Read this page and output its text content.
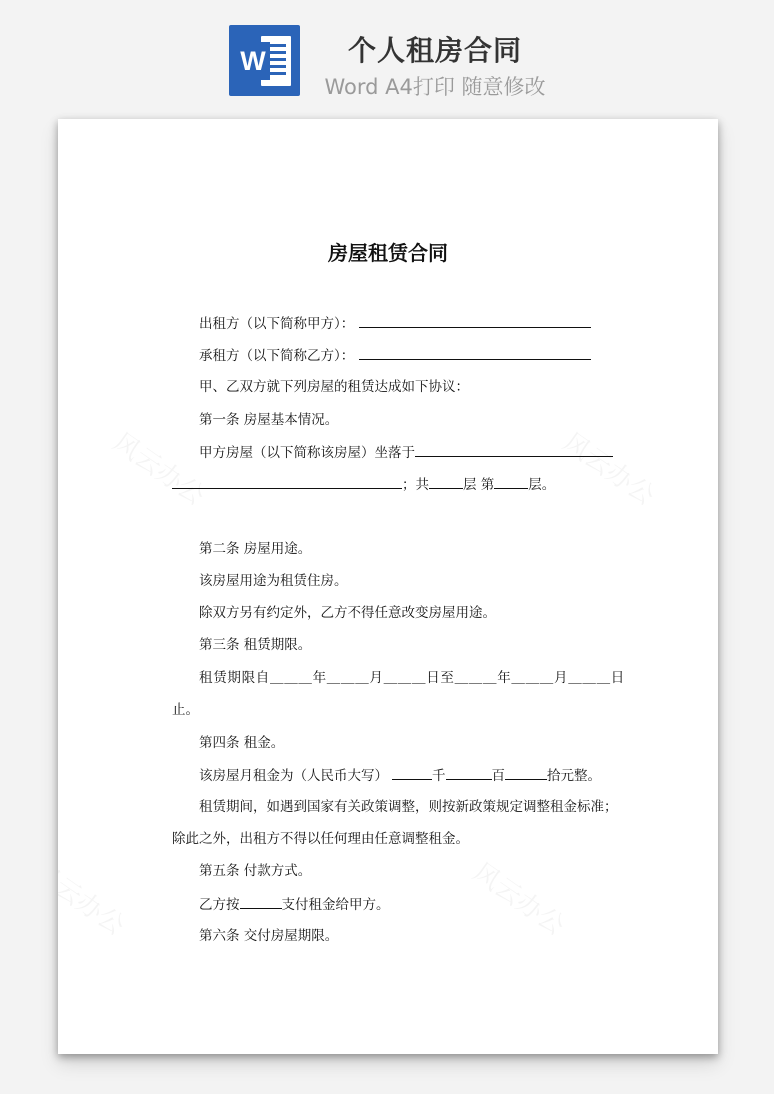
W	个人租房合同
Word A4打印 随意修改
房屋租赁合同
出租方（以下简称甲方）：
承租方（以下简称乙方）：
甲、乙双方就下列房屋的租赁达成如下协议：
第一条 房屋基本情况。
甲方房屋（以下简称该房屋）坐落于
；共	层 第	层。
第二条 房屋用途。
该房屋用途为租赁住房。
除双方另有约定外，乙方不得任意改变房屋用途。
第三条 租赁期限。
租赁期限自＿＿＿年＿＿＿月＿＿＿日至＿＿＿年＿＿＿月＿＿＿日
止。
第四条 租金。
该房屋月租金为（人民币大写）	千	百	拾元整。
租赁期间，如遇到国家有关政策调整，则按新政策规定调整租金标准；
除此之外，出租方不得以任何理由任意调整租金。
第五条 付款方式。
乙方按	支付租金给甲方。
第六条 交付房屋期限。
